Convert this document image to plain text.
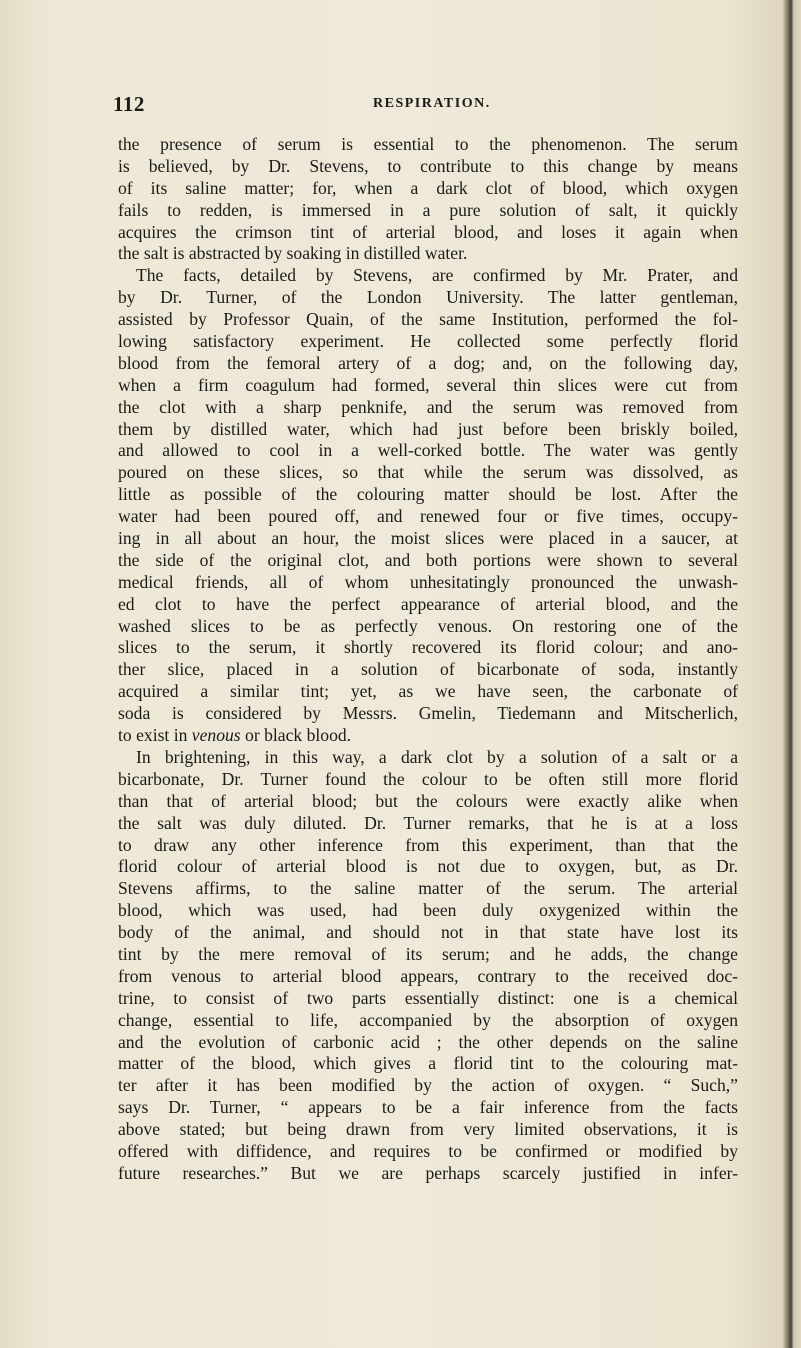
112	RESPIRATION.
the presence of serum is essential to the phenomenon. The serum
is believed, by Dr. Stevens, to contribute to this change by means
of its saline matter; for, when a dark clot of blood, which oxygen
fails to redden, is immersed in a pure solution of salt, it quickly
acquires the crimson tint of arterial blood, and loses it again when
the salt is abstracted by soaking in distilled water.
The facts, detailed by Stevens, are confirmed by Mr. Prater, and
by Dr. Turner, of the London University. The latter gentleman,
assisted by Professor Quain, of the same Institution, performed the fol-
lowing satisfactory experiment. He collected some perfectly florid
blood from the femoral artery of a dog; and, on the following day,
when a firm coagulum had formed, several thin slices were cut from
the clot with a sharp penknife, and the serum was removed from
them by distilled water, which had just before been briskly boiled,
and allowed to cool in a well-corked bottle. The water was gently
poured on these slices, so that while the serum was dissolved, as
little as possible of the colouring matter should be lost. After the
water had been poured off, and renewed four or five times, occupy-
ing in all about an hour, the moist slices were placed in a saucer, at
the side of the original clot, and both portions were shown to several
medical friends, all of whom unhesitatingly pronounced the unwash-
ed clot to have the perfect appearance of arterial blood, and the
washed slices to be as perfectly venous. On restoring one of the
slices to the serum, it shortly recovered its florid colour; and ano-
ther slice, placed in a solution of bicarbonate of soda, instantly
acquired a similar tint; yet, as we have seen, the carbonate of
soda is considered by Messrs. Gmelin, Tiedemann and Mitscherlich,
to exist in venous or black blood.
In brightening, in this way, a dark clot by a solution of a salt or a
bicarbonate, Dr. Turner found the colour to be often still more florid
than that of arterial blood; but the colours were exactly alike when
the salt was duly diluted. Dr. Turner remarks, that he is at a loss
to draw any other inference from this experiment, than that the
florid colour of arterial blood is not due to oxygen, but, as Dr.
Stevens affirms, to the saline matter of the serum. The arterial
blood, which was used, had been duly oxygenized within the
body of the animal, and should not in that state have lost its
tint by the mere removal of its serum; and he adds, the change
from venous to arterial blood appears, contrary to the received doc-
trine, to consist of two parts essentially distinct: one is a chemical
change, essential to life, accompanied by the absorption of oxygen
and the evolution of carbonic acid ; the other depends on the saline
matter of the blood, which gives a florid tint to the colouring mat-
ter after it has been modified by the action of oxygen. “ Such,”
says Dr. Turner, “ appears to be a fair inference from the facts
above stated; but being drawn from very limited observations, it is
offered with diffidence, and requires to be confirmed or modified by
future researches.” But we are perhaps scarcely justified in infer-
